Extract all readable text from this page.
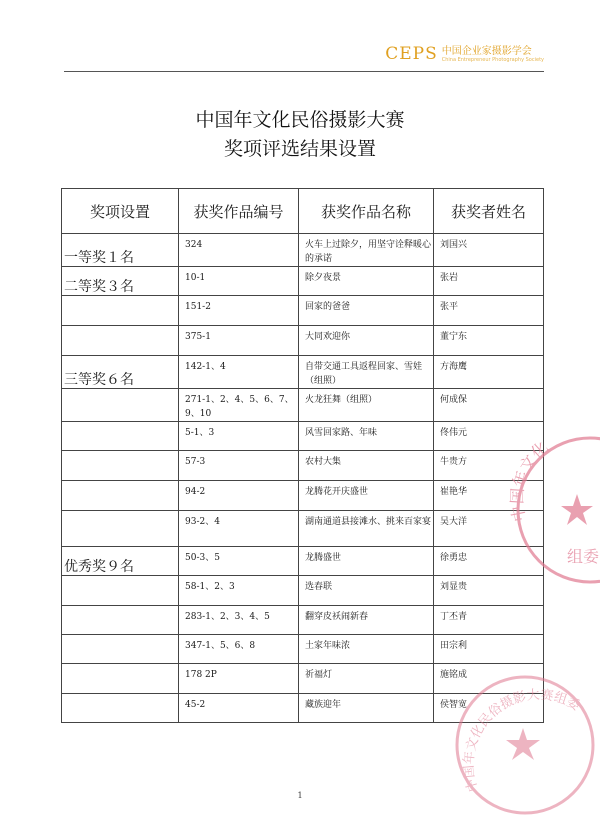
CEPS 中国企业家摄影学会
China Entrepreneur Photography Society
中国年文化民俗摄影大赛
奖项评选结果设置
奖项设置	获奖作品编号	获奖作品名称	获奖者姓名
一等奖１名	324	火车上过除夕，用坚守诠释暖心的承诺	刘国兴
二等奖３名	10-1	除夕夜景	张岩
	151-2	回家的爸爸	张平
	375-1	大同欢迎你	董宁东
三等奖６名	142-1、4	自带交通工具返程回家、雪娃（组照）	方海鹰
	271-1、2、4、5、6、7、9、10	火龙狂舞（组照）	何成保
	5-1、3	风雪回家路、年味	佟伟元
	57-3	农村大集	牛贵方
	94-2	龙腾花开庆盛世	崔艳华
	93-2、4	湖南通道县接滩水、挑来百家宴	吴大洋
优秀奖９名	50-3、5	龙腾盛世	徐勇忠
	58-1、2、3	选春联	刘显贵
	283-1、2、3、4、5	翻穿皮袄闹新春	丁丕青
	347-1、5、6、8	土家年味浓	田宗利
	178 2P	祈福灯	施铭成
	45-2	藏族迎年	侯智宽
1
中国年文化
组委
中国年文化民俗摄影大赛组委
